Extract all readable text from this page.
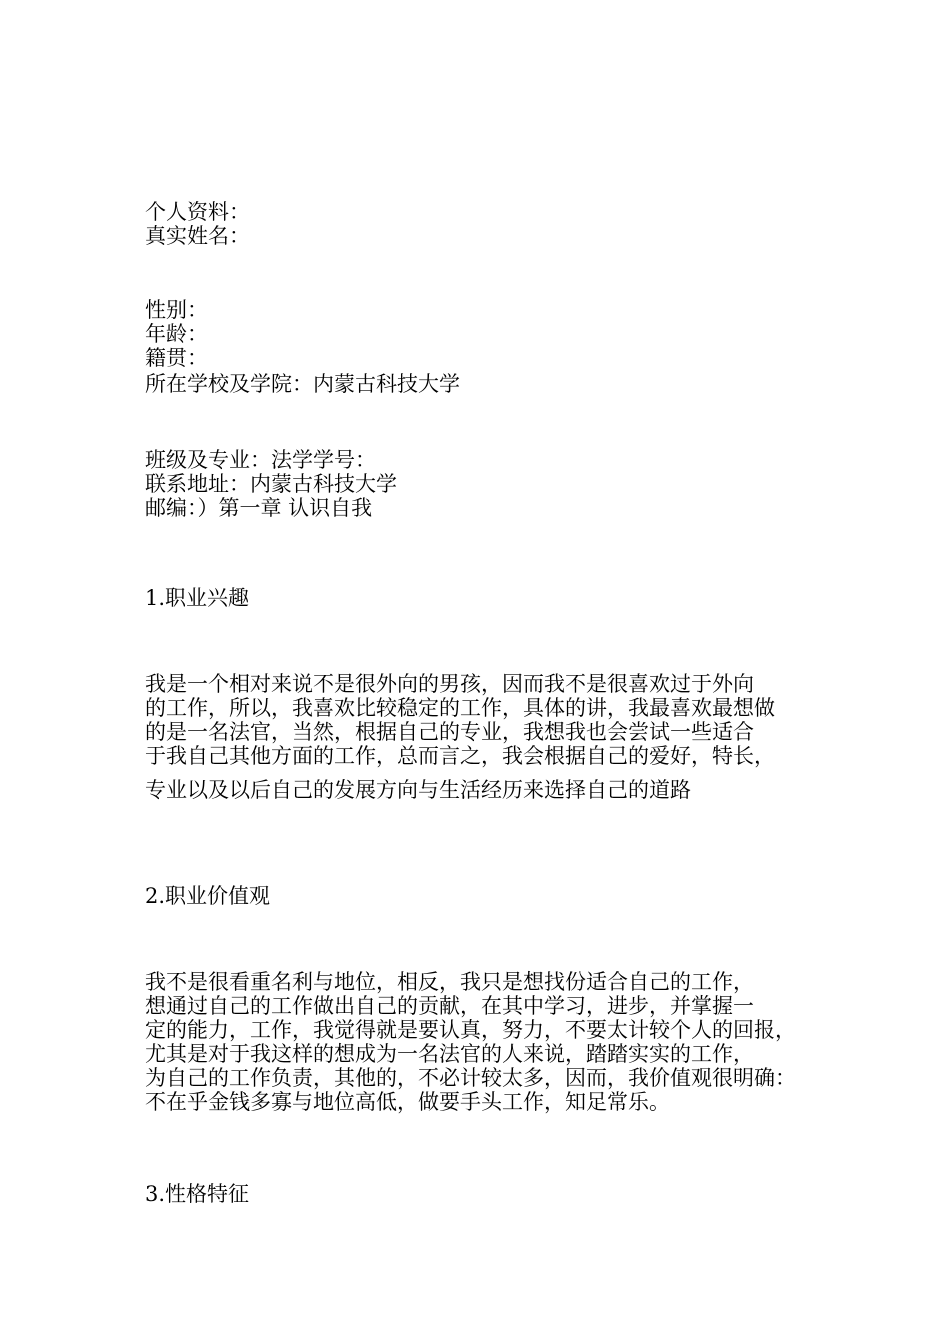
个人资料：
真实姓名：
性别：
年龄：
籍贯：
所在学校及学院：内蒙古科技大学
班级及专业：法学学号：
联系地址：内蒙古科技大学
邮编：）第一章 认识自我
1.职业兴趣
我是一个相对来说不是很外向的男孩，因而我不是很喜欢过于外向
的工作，所以，我喜欢比较稳定的工作，具体的讲，我最喜欢最想做
的是一名法官，当然，根据自己的专业，我想我也会尝试一些适合
于我自己其他方面的工作，总而言之，我会根据自己的爱好，特长，
专业以及以后自己的发展方向与生活经历来选择自己的道路
2.职业价值观
我不是很看重名利与地位，相反，我只是想找份适合自己的工作，
想通过自己的工作做出自己的贡献，在其中学习，进步，并掌握一
定的能力，工作，我觉得就是要认真，努力，不要太计较个人的回报，
尤其是对于我这样的想成为一名法官的人来说，踏踏实实的工作，
为自己的工作负责，其他的，不必计较太多，因而，我价值观很明确：
不在乎金钱多寡与地位高低，做要手头工作，知足常乐。
3.性格特征
